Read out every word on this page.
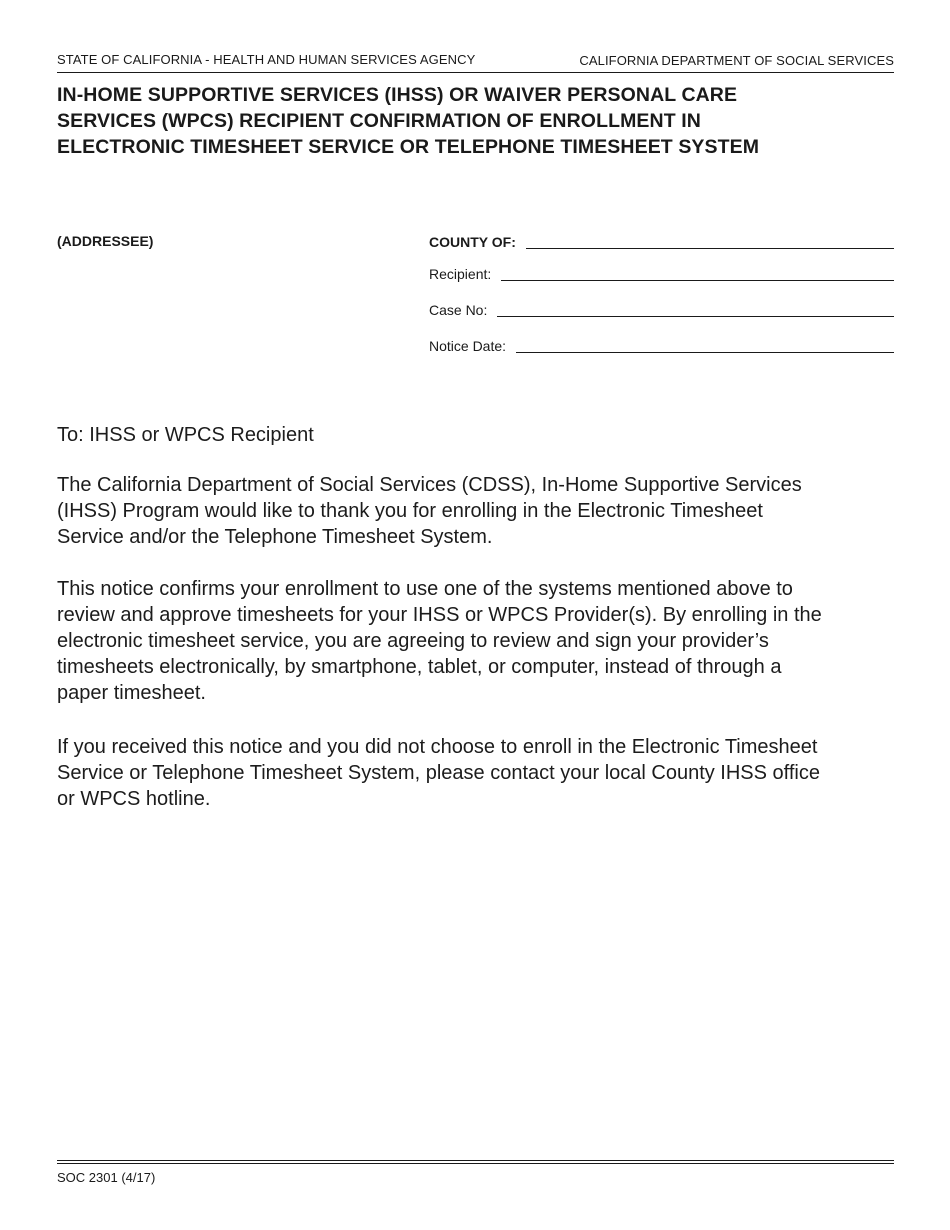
STATE OF CALIFORNIA - HEALTH AND HUMAN SERVICES AGENCY	CALIFORNIA DEPARTMENT OF SOCIAL SERVICES
IN-HOME SUPPORTIVE SERVICES (IHSS) OR WAIVER PERSONAL CARE
SERVICES (WPCS) RECIPIENT CONFIRMATION OF ENROLLMENT IN
ELECTRONIC TIMESHEET SERVICE OR TELEPHONE TIMESHEET SYSTEM
(ADDRESSEE)	COUNTY OF:
Recipient:
Case No:
Notice Date:
To: IHSS or WPCS Recipient
The California Department of Social Services (CDSS), In-Home Supportive Services
(IHSS) Program would like to thank you for enrolling in the Electronic Timesheet
Service and/or the Telephone Timesheet System.
This notice confirms your enrollment to use one of the systems mentioned above to
review and approve timesheets for your IHSS or WPCS Provider(s). By enrolling in the
electronic timesheet service, you are agreeing to review and sign your provider’s
timesheets electronically, by smartphone, tablet, or computer, instead of through a
paper timesheet.
If you received this notice and you did not choose to enroll in the Electronic Timesheet
Service or Telephone Timesheet System, please contact your local County IHSS office
or WPCS hotline.
SOC 2301 (4/17)
